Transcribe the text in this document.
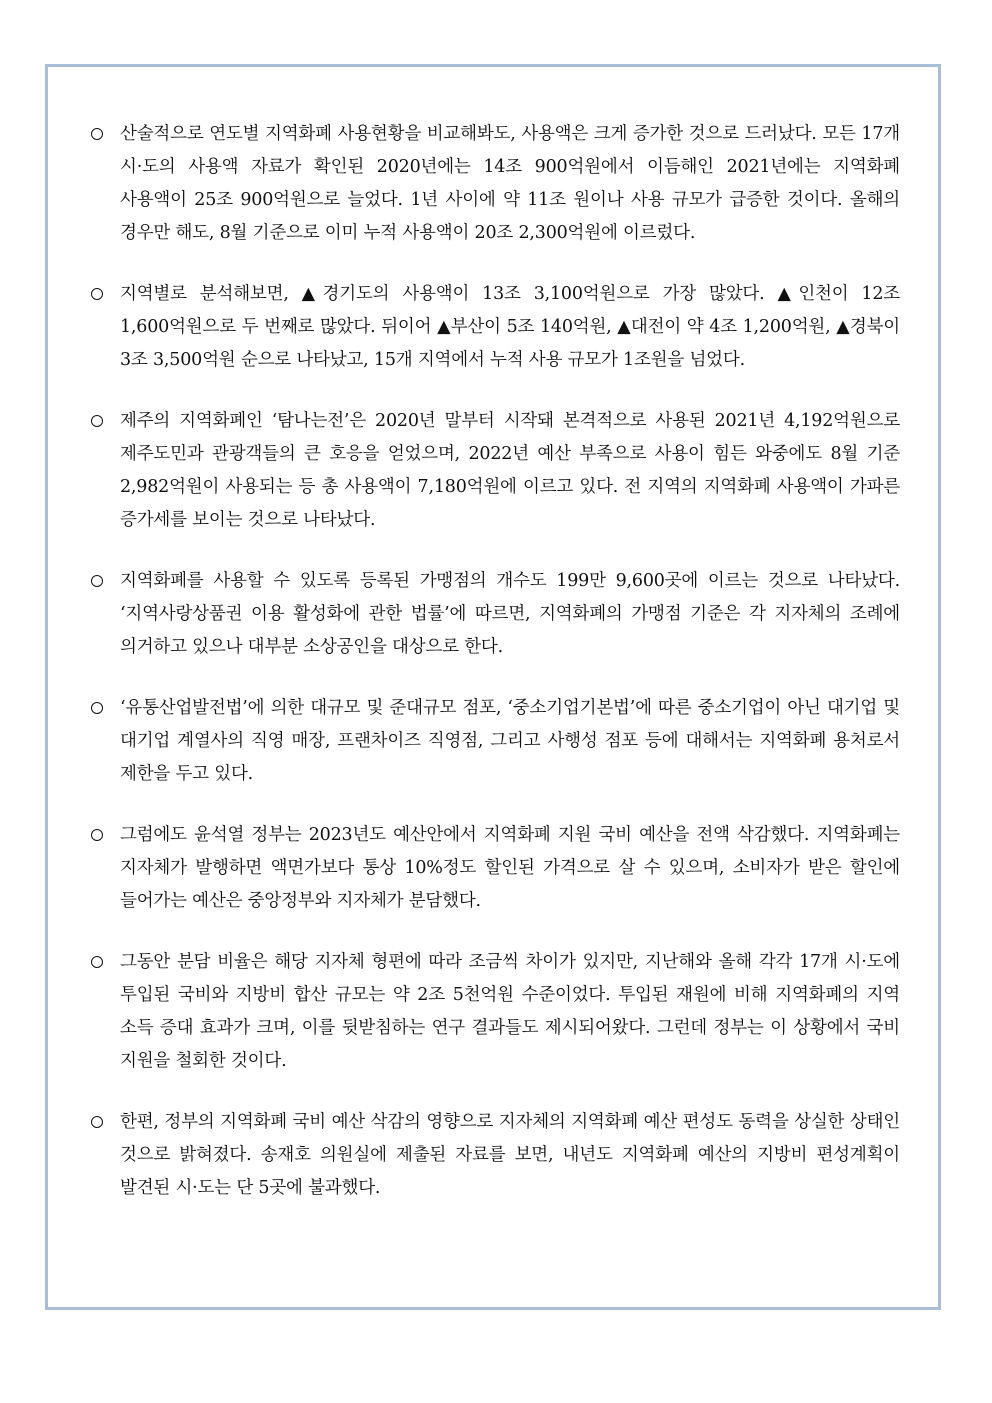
산술적으로 연도별 지역화폐 사용현황을 비교해봐도, 사용액은 크게 증가한 것으로 드러났다. 모든 17개 시·도의 사용액 자료가 확인된 2020년에는 14조 900억원에서 이듬해인 2021년에는 지역화폐 사용액이 25조 900억원으로 늘었다. 1년 사이에 약 11조 원이나 사용 규모가 급증한 것이다. 올해의 경우만 해도, 8월 기준으로 이미 누적 사용액이 20조 2,300억원에 이르렀다.
지역별로 분석해보면, ▲경기도의 사용액이 13조 3,100억원으로 가장 많았다. ▲인천이 12조 1,600억원으로 두 번째로 많았다. 뒤이어 ▲부산이 5조 140억원, ▲대전이 약 4조 1,200억원, ▲경북이 3조 3,500억원 순으로 나타났고, 15개 지역에서 누적 사용 규모가 1조원을 넘었다.
제주의 지역화폐인 ‘탐나는전’은 2020년 말부터 시작돼 본격적으로 사용된 2021년 4,192억원으로 제주도민과 관광객들의 큰 호응을 얻었으며, 2022년 예산 부족으로 사용이 힘든 와중에도 8월 기준 2,982억원이 사용되는 등 총 사용액이 7,180억원에 이르고 있다. 전 지역의 지역화폐 사용액이 가파른 증가세를 보이는 것으로 나타났다.
지역화폐를 사용할 수 있도록 등록된 가맹점의 개수도 199만 9,600곳에 이르는 것으로 나타났다. ‘지역사랑상품권 이용 활성화에 관한 법률’에 따르면, 지역화폐의 가맹점 기준은 각 지자체의 조례에 의거하고 있으나 대부분 소상공인을 대상으로 한다.
‘유통산업발전법’에 의한 대규모 및 준대규모 점포, ‘중소기업기본법’에 따른 중소기업이 아닌 대기업 및 대기업 계열사의 직영 매장, 프랜차이즈 직영점, 그리고 사행성 점포 등에 대해서는 지역화폐 용처로서 제한을 두고 있다.
그럼에도 윤석열 정부는 2023년도 예산안에서 지역화폐 지원 국비 예산을 전액 삭감했다. 지역화폐는 지자체가 발행하면 액면가보다 통상 10%정도 할인된 가격으로 살 수 있으며, 소비자가 받은 할인에 들어가는 예산은 중앙정부와 지자체가 분담했다.
그동안 분담 비율은 해당 지자체 형편에 따라 조금씩 차이가 있지만, 지난해와 올해 각각 17개 시·도에 투입된 국비와 지방비 합산 규모는 약 2조 5천억원 수준이었다. 투입된 재원에 비해 지역화폐의 지역 소득 증대 효과가 크며, 이를 뒷받침하는 연구 결과들도 제시되어왔다. 그런데 정부는 이 상황에서 국비 지원을 철회한 것이다.
한편, 정부의 지역화폐 국비 예산 삭감의 영향으로 지자체의 지역화폐 예산 편성도 동력을 상실한 상태인 것으로 밝혀졌다. 송재호 의원실에 제출된 자료를 보면, 내년도 지역화폐 예산의 지방비 편성계획이 발견된 시·도는 단 5곳에 불과했다.
